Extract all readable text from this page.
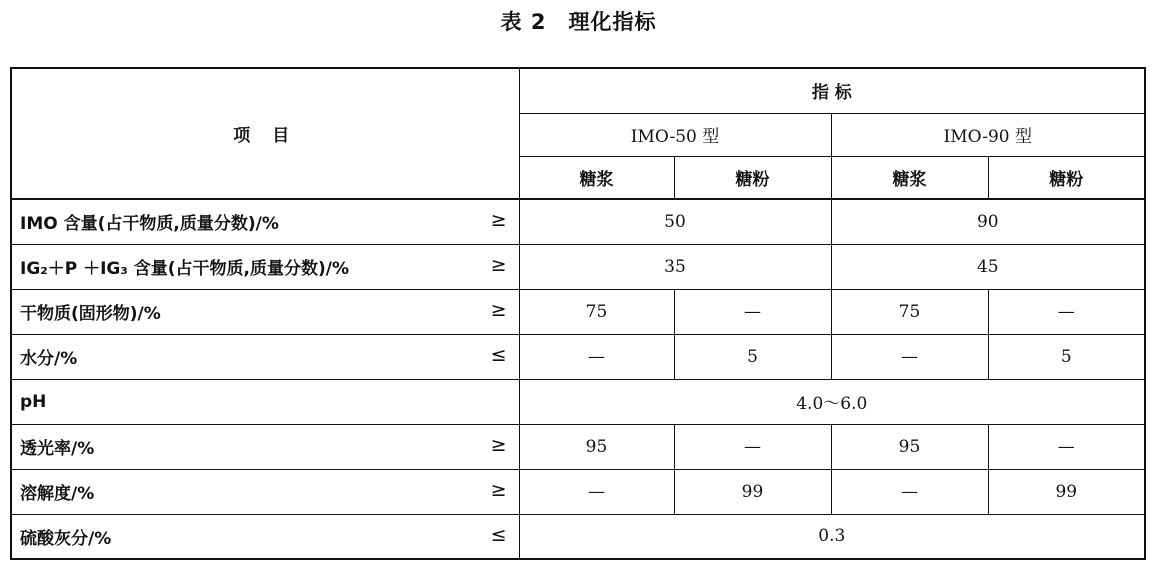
表 2 理化指标
项 目	指 标			
	IMO-50 型		IMO-90 型	
	糖浆	糖粉	糖浆	糖粉

IMO 含量(占干物质,质量分数)/% ≥	50		90	

IG₂＋P ＋IG₃ 含量(占干物质,质量分数)/% ≥	35		45	

干物质(固形物)/% ≥	75	—	75	—

水分/% ≤	—	5	—	5

pH	4.0～6.0			

透光率/% ≥	95	—	95	—

溶解度/% ≥	—	99	—	99

硫酸灰分/% ≤	0.3			
